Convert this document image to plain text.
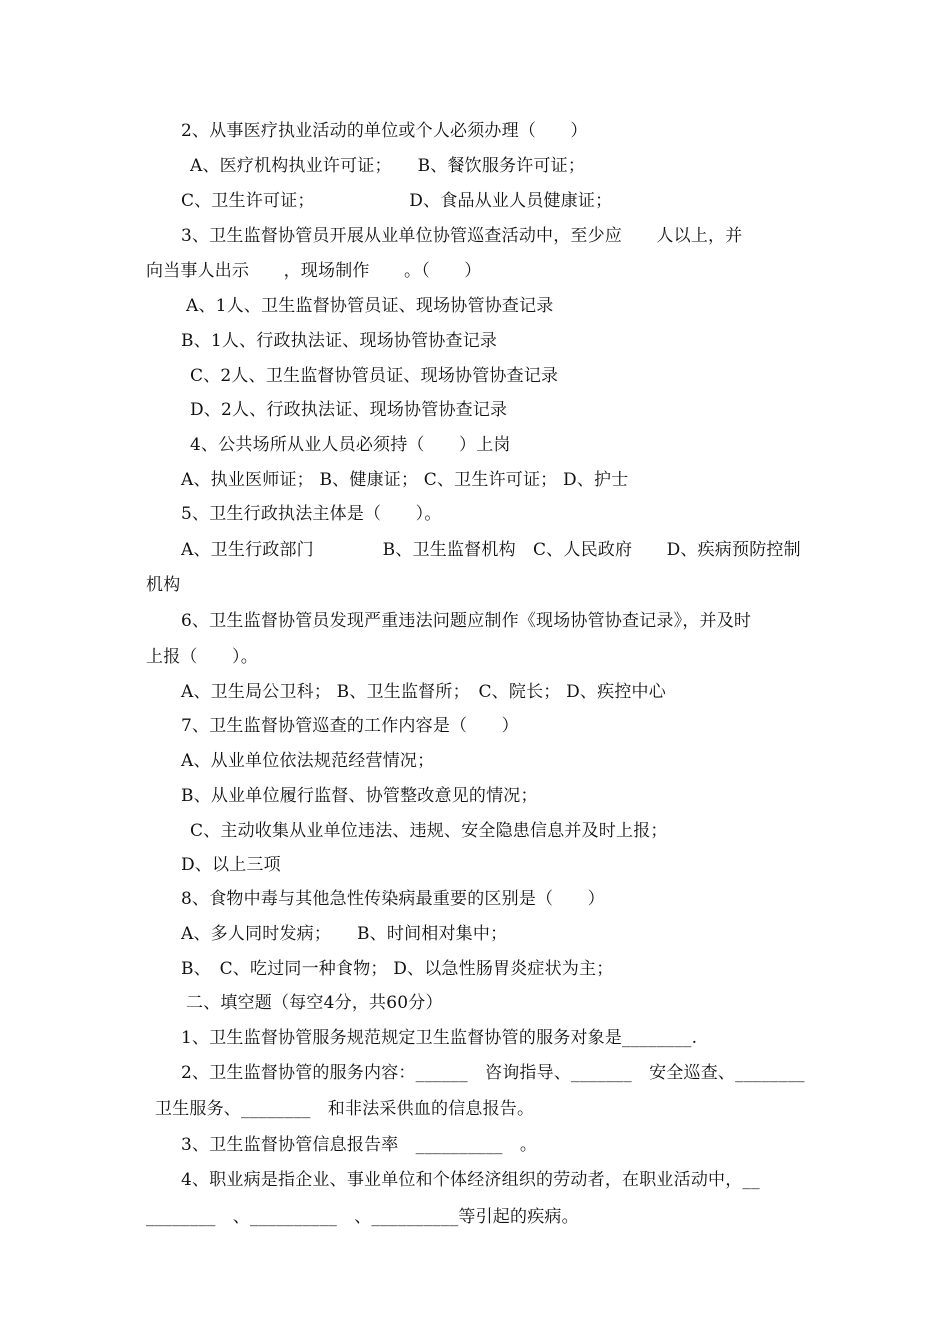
2、从事医疗执业活动的单位或个人必须办理（　　）
A、医疗机构执业许可证；　　B、餐饮服务许可证；
C、卫生许可证；　　　　　　D、食品从业人员健康证；
3、卫生监督协管员开展从业单位协管巡查活动中，至少应　　人以上，并
向当事人出示　　，现场制作　　。（　　）
A、1人、卫生监督协管员证、现场协管协查记录
B、1人、行政执法证、现场协管协查记录
C、2人、卫生监督协管员证、现场协管协查记录
D、2人、行政执法证、现场协管协查记录
4、公共场所从业人员必须持（　　）上岗
A、执业医师证； B、健康证； C、卫生许可证； D、护士
5、卫生行政执法主体是（　　）。
A、卫生行政部门　　　　B、卫生监督机构　C、人民政府　　D、疾病预防控制
机构
6、卫生监督协管员发现严重违法问题应制作《现场协管协查记录》，并及时
上报（　　）。
A、卫生局公卫科； B、卫生监督所；　C、院长； D、疾控中心
7、卫生监督协管巡查的工作内容是（　　）
A、从业单位依法规范经营情况；
B、从业单位履行监督、协管整改意见的情况；
C、主动收集从业单位违法、违规、安全隐患信息并及时上报；
D、以上三项
8、食物中毒与其他急性传染病最重要的区别是（　　）
A、多人同时发病；　　B、时间相对集中；
B、　C、吃过同一种食物； D、以急性肠胃炎症状为主；
二、填空题（每空4分，共60分）
1、卫生监督协管服务规范规定卫生监督协管的服务对象是________.
2、卫生监督协管的服务内容：______　咨询指导、_______　安全巡查、________
卫生服务、________　和非法采供血的信息报告。
3、卫生监督协管信息报告率　__________　。
4、职业病是指企业、事业单位和个体经济组织的劳动者，在职业活动中，__
________　、__________　、__________等引起的疾病。
